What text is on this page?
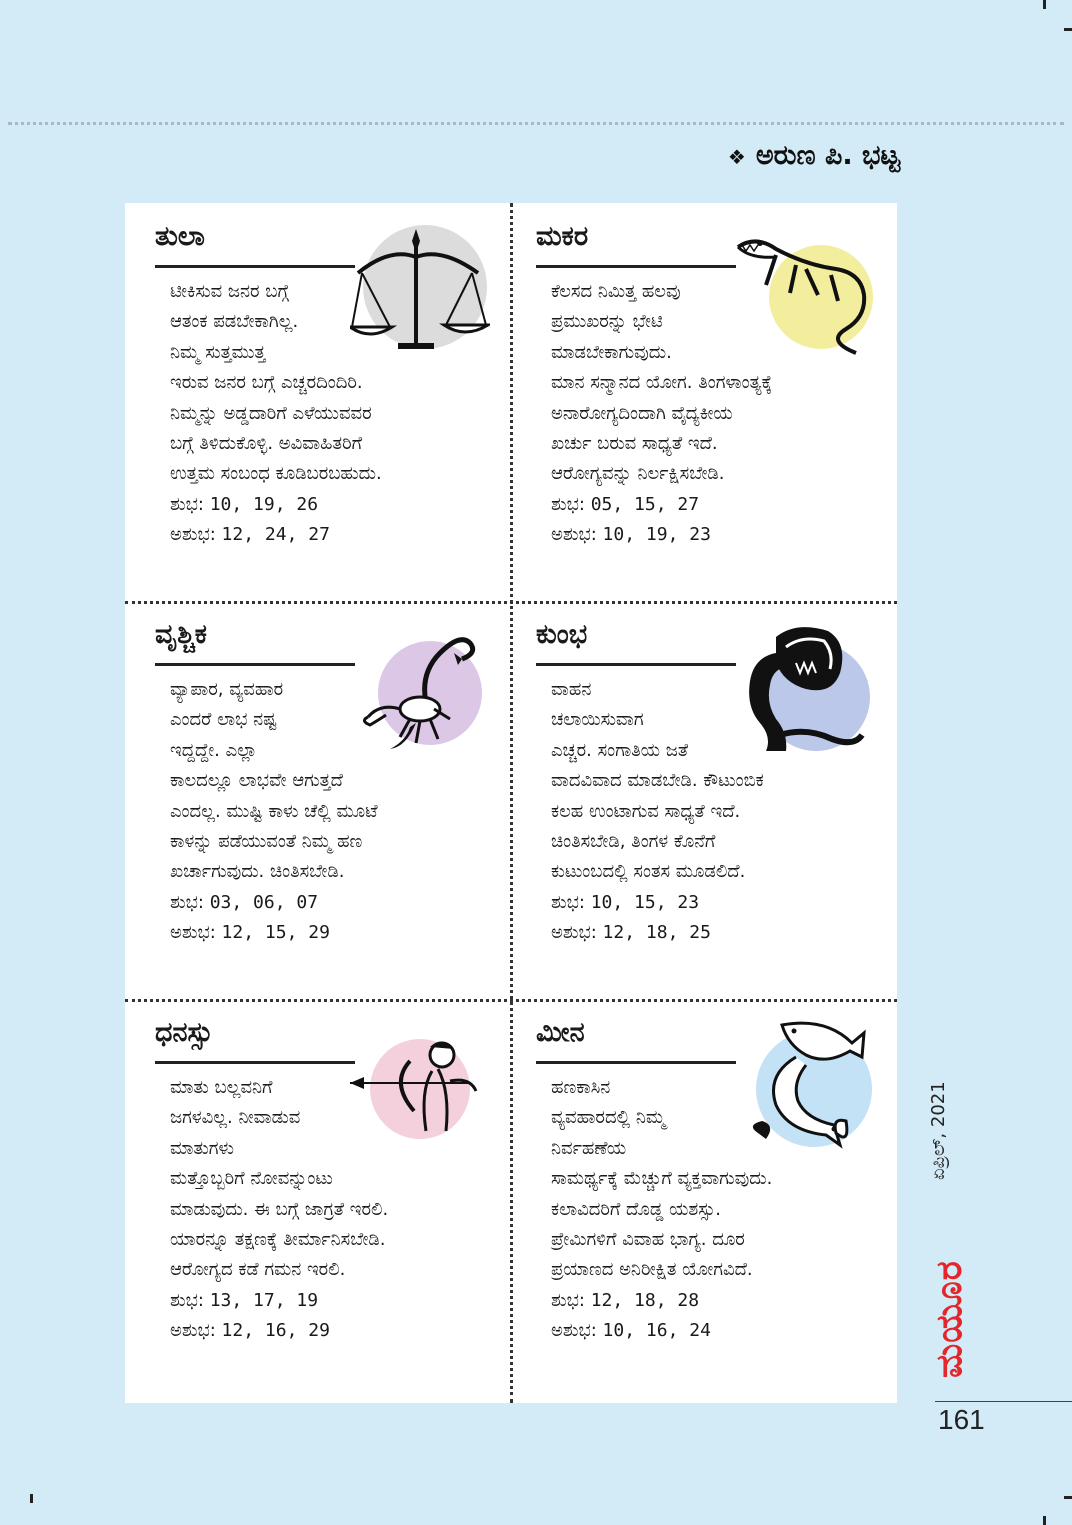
❖ ಅರುಣ ಪಿ. ಭಟ್ಟ
ತುಲಾ

ಟೀಕಿಸುವ ಜನರ ಬಗ್ಗೆ

ಆತಂಕ ಪಡಬೇಕಾಗಿಲ್ಲ.

ನಿಮ್ಮ ಸುತ್ತಮುತ್ತ

ಇರುವ ಜನರ ಬಗ್ಗೆ ಎಚ್ಚರದಿಂದಿರಿ.

ನಿಮ್ಮನ್ನು ಅಡ್ಡದಾರಿಗೆ ಎಳೆಯುವವರ

ಬಗ್ಗೆ ತಿಳಿದುಕೊಳ್ಳಿ. ಅವಿವಾಹಿತರಿಗೆ

ಉತ್ತಮ ಸಂಬಂಧ ಕೂಡಿಬರಬಹುದು.

ಶುಭ: 10, 19, 26

ಅಶುಭ: 12, 24, 27

ಮಕರ

ಕೆಲಸದ ನಿಮಿತ್ತ ಹಲವು

ಪ್ರಮುಖರನ್ನು ಭೇಟಿ

ಮಾಡಬೇಕಾಗುವುದು.

ಮಾನ ಸನ್ಮಾನದ ಯೋಗ. ತಿಂಗಳಾಂತ್ಯಕ್ಕೆ

ಅನಾರೋಗ್ಯದಿಂದಾಗಿ ವೈದ್ಯಕೀಯ

ಖರ್ಚು ಬರುವ ಸಾಧ್ಯತೆ ಇದೆ.

ಆರೋಗ್ಯವನ್ನು ನಿರ್ಲಕ್ಷಿಸಬೇಡಿ.

ಶುಭ: 05, 15, 27

ಅಶುಭ: 10, 19, 23

ವೃಶ್ಚಿಕ

ವ್ಯಾಪಾರ, ವ್ಯವಹಾರ

ಎಂದರೆ ಲಾಭ ನಷ್ಟ

ಇದ್ದದ್ದೇ. ಎಲ್ಲಾ

ಕಾಲದಲ್ಲೂ ಲಾಭವೇ ಆಗುತ್ತದೆ

ಎಂದಲ್ಲ. ಮುಷ್ಟಿ ಕಾಳು ಚೆಲ್ಲಿ ಮೂಟೆ

ಕಾಳನ್ನು ಪಡೆಯುವಂತೆ ನಿಮ್ಮ ಹಣ

ಖರ್ಚಾಗುವುದು. ಚಿಂತಿಸಬೇಡಿ.

ಶುಭ: 03, 06, 07

ಅಶುಭ: 12, 15, 29

ಕುಂಭ

ವಾಹನ

ಚಲಾಯಿಸುವಾಗ

ಎಚ್ಚರ. ಸಂಗಾತಿಯ ಜತೆ

ವಾದವಿವಾದ ಮಾಡಬೇಡಿ. ಕೌಟುಂಬಿಕ

ಕಲಹ ಉಂಟಾಗುವ ಸಾಧ್ಯತೆ ಇದೆ.

ಚಿಂತಿಸಬೇಡಿ, ತಿಂಗಳ ಕೊನೆಗೆ

ಕುಟುಂಬದಲ್ಲಿ ಸಂತಸ ಮೂಡಲಿದೆ.

ಶುಭ: 10, 15, 23

ಅಶುಭ: 12, 18, 25

ಧನಸ್ಸು

ಮಾತು ಬಲ್ಲವನಿಗೆ

ಜಗಳವಿಲ್ಲ. ನೀವಾಡುವ

ಮಾತುಗಳು

ಮತ್ತೊಬ್ಬರಿಗೆ ನೋವನ್ನುಂಟು

ಮಾಡುವುದು. ಈ ಬಗ್ಗೆ ಜಾಗ್ರತೆ ಇರಲಿ.

ಯಾರನ್ನೂ ತಕ್ಷಣಕ್ಕೆ ತೀರ್ಮಾನಿಸಬೇಡಿ.

ಆರೋಗ್ಯದ ಕಡೆ ಗಮನ ಇರಲಿ.

ಶುಭ: 13, 17, 19

ಅಶುಭ: 12, 16, 29

ಮೀನ

ಹಣಕಾಸಿನ

ವ್ಯವಹಾರದಲ್ಲಿ ನಿಮ್ಮ

ನಿರ್ವಹಣೆಯ

ಸಾಮರ್ಥ್ಯಕ್ಕೆ ಮೆಚ್ಚುಗೆ ವ್ಯಕ್ತವಾಗುವುದು.

ಕಲಾವಿದರಿಗೆ ದೊಡ್ಡ ಯಶಸ್ಸು.

ಪ್ರೇಮಿಗಳಿಗೆ ವಿವಾಹ ಭಾಗ್ಯ. ದೂರ

ಪ್ರಯಾಣದ ಅನಿರೀಕ್ಷಿತ ಯೋಗವಿದೆ.

ಶುಭ: 12, 18, 28

ಅಶುಭ: 10, 16, 24

ಏಪ್ರಿಲ್, 2021
ಮಯೂರ
161
